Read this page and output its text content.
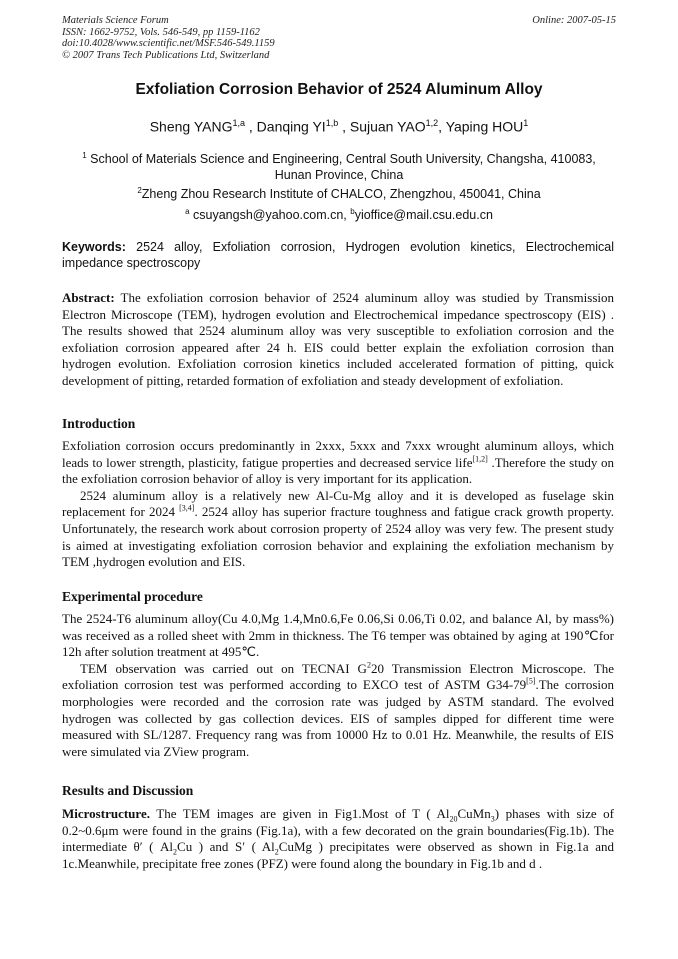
Materials Science Forum
ISSN: 1662-9752, Vols. 546-549, pp 1159-1162
doi:10.4028/www.scientific.net/MSF.546-549.1159
© 2007 Trans Tech Publications Ltd, Switzerland
Online: 2007-05-15
Exfoliation Corrosion Behavior of 2524 Aluminum Alloy
Sheng YANG$^{1,a}$ , Danqing YI$^{1,b}$ , Sujuan YAO$^{1,2}$, Yaping HOU$^1$
$^1$ School of Materials Science and Engineering, Central South University, Changsha, 410083, Hunan Province, China
$^2$Zheng Zhou Research Institute of CHALCO, Zhengzhou, 450041, China
$^a$ csuyangsh@yahoo.com.cn, $^b$yioffice@mail.csu.edu.cn
Keywords: 2524 alloy, Exfoliation corrosion, Hydrogen evolution kinetics, Electrochemical impedance spectroscopy

Abstract: The exfoliation corrosion behavior of 2524 aluminum alloy was studied by Transmission Electron Microscope (TEM), hydrogen evolution and Electrochemical impedance spectroscopy (EIS) . The results showed that 2524 aluminum alloy was very susceptible to exfoliation corrosion and the exfoliation corrosion appeared after 24 h. EIS could better explain the exfoliation corrosion than hydrogen evolution. Exfoliation corrosion kinetics included accelerated formation of pitting, quick development of pitting, retarded formation of exfoliation and steady development of exfoliation.

Introduction

Exfoliation corrosion occurs predominantly in 2xxx, 5xxx and 7xxx wrought aluminum alloys, which leads to lower strength, plasticity, fatigue properties and decreased service life[1,2] .Therefore the study on the exfoliation corrosion behavior of alloy is very important for its application.

2524 aluminum alloy is a relatively new Al-Cu-Mg alloy and it is developed as fuselage skin replacement for 2024 [3,4]. 2524 alloy has superior fracture toughness and fatigue crack growth property. Unfortunately, the research work about corrosion property of 2524 alloy was very few. The present study is aimed at investigating exfoliation corrosion behavior and explaining the exfoliation mechanism by TEM ,hydrogen evolution and EIS.

Experimental procedure

The 2524-T6 aluminum alloy(Cu 4.0,Mg 1.4,Mn0.6,Fe 0.06,Si 0.06,Ti 0.02, and balance Al, by mass%) was received as a rolled sheet with 2mm in thickness. The T6 temper was obtained by aging at 190℃for 12h after solution treatment at 495℃.

TEM observation was carried out on TECNAI $G^220$ Transmission Electron Microscope. The exfoliation corrosion test was performed according to EXCO test of ASTM G34-79[5].The corrosion morphologies were recorded and the corrosion rate was judged by ASTM standard. The evolved hydrogen was collected by gas collection devices. EIS of samples dipped for different time were measured with SL/1287. Frequency rang was from 10000 Hz to 0.01 Hz. Meanwhile, the results of EIS were simulated via ZView program.

Results and Discussion

Microstructure. The TEM images are given in Fig1.Most of T ( $Al_{20}CuMn_3$) phases with size of 0.2~0.6μm were found in the grains (Fig.1a), with a few decorated on the grain boundaries(Fig.1b). The intermediate θ′ ( $Al_2Cu$ ) and S′ ( $Al_2CuMg$ ) precipitates were observed as shown in Fig.1a and 1c.Meanwhile, precipitate free zones (PFZ) were found along the boundary in Fig.1b and d .
